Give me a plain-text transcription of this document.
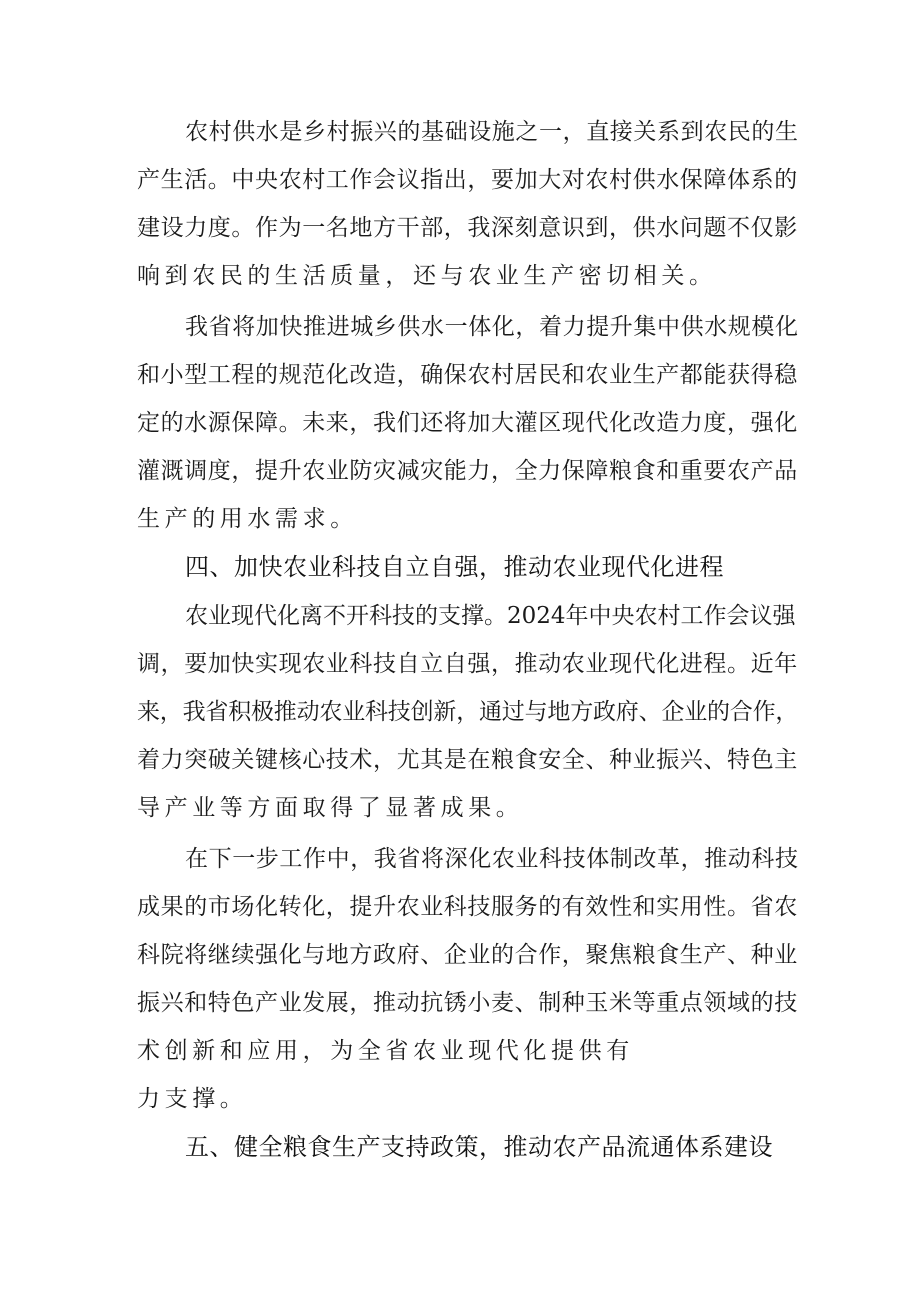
农村供水是乡村振兴的基础设施之一，直接关系到农民的生
产生活。中央农村工作会议指出，要加大对农村供水保障体系的
建设力度。作为一名地方干部，我深刻意识到，供水问题不仅影
响到农民的生活质量，还与农业生产密切相关。
我省将加快推进城乡供水一体化，着力提升集中供水规模化
和小型工程的规范化改造，确保农村居民和农业生产都能获得稳
定的水源保障。未来，我们还将加大灌区现代化改造力度，强化
灌溉调度，提升农业防灾减灾能力，全力保障粮食和重要农产品
生产的用水需求。
四、加快农业科技自立自强，推动农业现代化进程
农业现代化离不开科技的支撑。2024年中央农村工作会议强
调，要加快实现农业科技自立自强，推动农业现代化进程。近年
来，我省积极推动农业科技创新，通过与地方政府、企业的合作，
着力突破关键核心技术，尤其是在粮食安全、种业振兴、特色主
导产业等方面取得了显著成果。
在下一步工作中，我省将深化农业科技体制改革，推动科技
成果的市场化转化，提升农业科技服务的有效性和实用性。省农
科院将继续强化与地方政府、企业的合作，聚焦粮食生产、种业
振兴和特色产业发展，推动抗锈小麦、制种玉米等重点领域的技
术创新和应用，为全省农业现代化提供有
力支撑。
五、健全粮食生产支持政策，推动农产品流通体系建设
